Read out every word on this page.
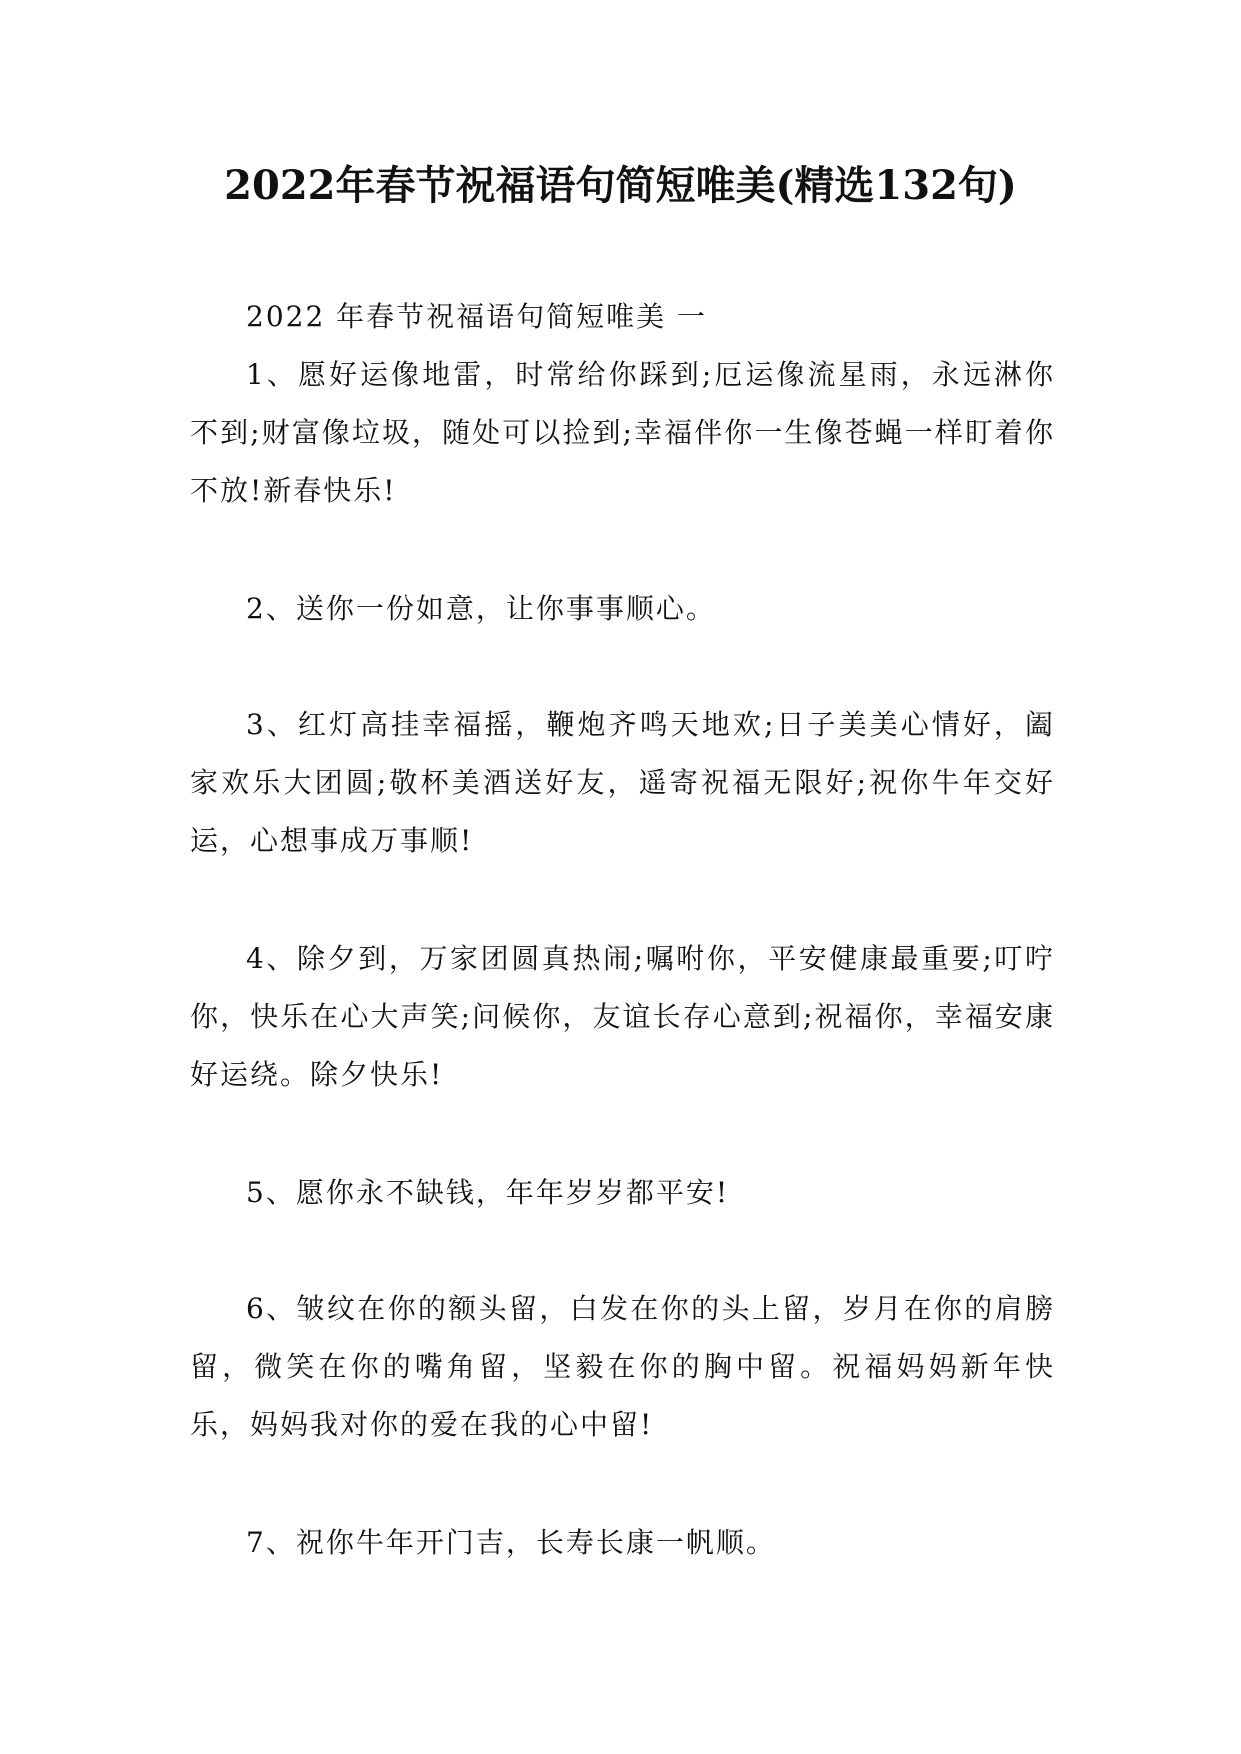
2022年春节祝福语句简短唯美(精选132句)

2022 年春节祝福语句简短唯美 一

1、愿好运像地雷，时常给你踩到;厄运像流星雨，永远淋你不到;财富像垃圾，随处可以捡到;幸福伴你一生像苍蝇一样盯着你不放!新春快乐!

2、送你一份如意，让你事事顺心。

3、红灯高挂幸福摇，鞭炮齐鸣天地欢;日子美美心情好，阖家欢乐大团圆;敬杯美酒送好友，遥寄祝福无限好;祝你牛年交好运，心想事成万事顺!

4、除夕到，万家团圆真热闹;嘱咐你，平安健康最重要;叮咛你，快乐在心大声笑;问候你，友谊长存心意到;祝福你，幸福安康好运绕。除夕快乐!

5、愿你永不缺钱，年年岁岁都平安!

6、皱纹在你的额头留，白发在你的头上留，岁月在你的肩膀留，微笑在你的嘴角留，坚毅在你的胸中留。祝福妈妈新年快乐，妈妈我对你的爱在我的心中留!

7、祝你牛年开门吉，长寿长康一帆顺。
